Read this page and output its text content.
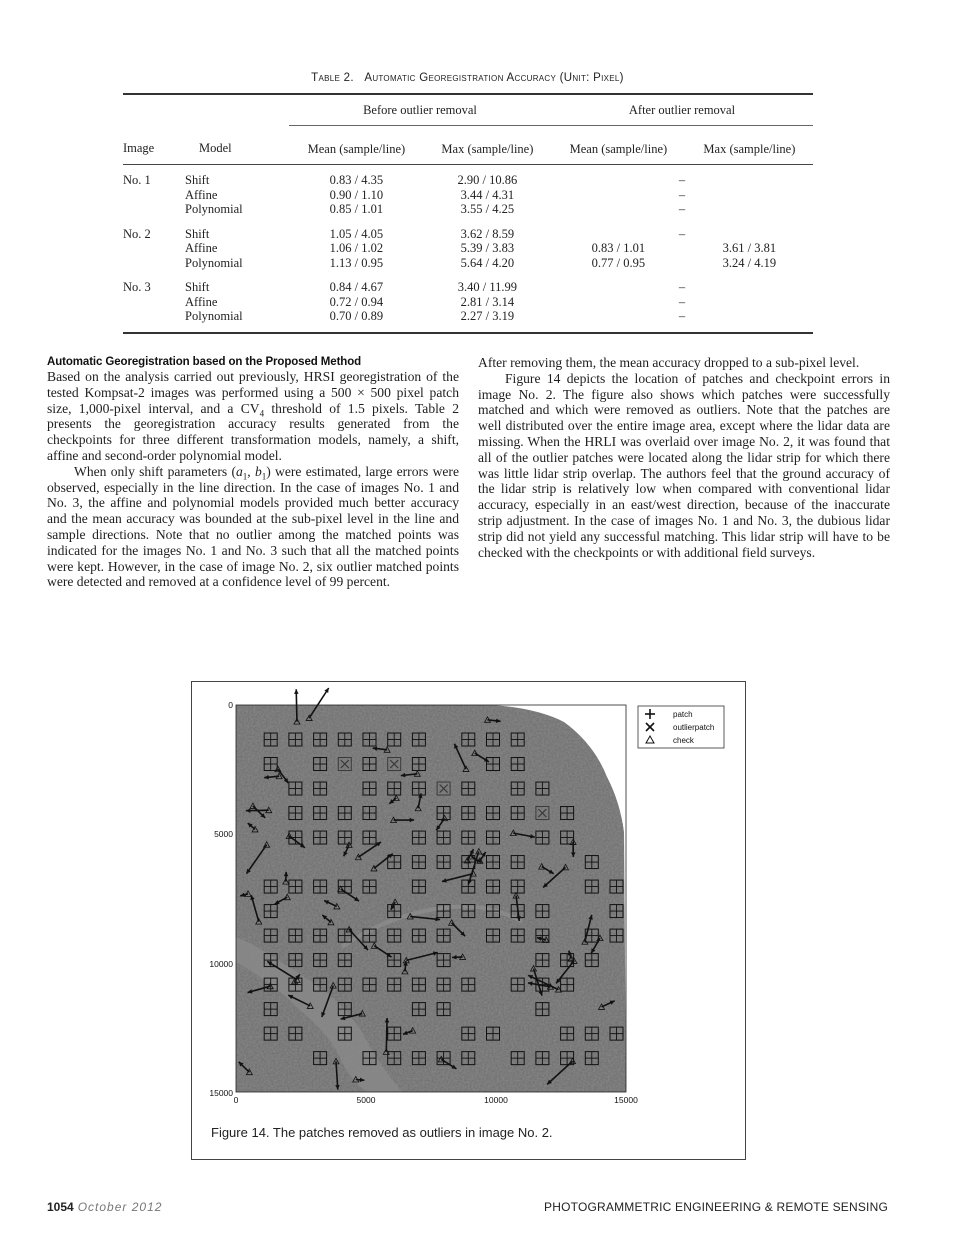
Table 2. Automatic Georegistration Accuracy (Unit: Pixel)
		Before outlier removal		After outlier removal	
Image	Model	Mean (sample/line)	Max (sample/line)	Mean (sample/line)	Max (sample/line)
No. 1	Shift	0.83 / 4.35	2.90 / 10.86	–	
	Affine	0.90 / 1.10	3.44 / 4.31	–	
	Polynomial	0.85 / 1.01	3.55 / 4.25	–	
No. 2	Shift	1.05 / 4.05	3.62 / 8.59	–	
	Affine	1.06 / 1.02	5.39 / 3.83	0.83 / 1.01	3.61 / 3.81
	Polynomial	1.13 / 0.95	5.64 / 4.20	0.77 / 0.95	3.24 / 4.19
No. 3	Shift	0.84 / 4.67	3.40 / 11.99	–	
	Affine	0.72 / 0.94	2.81 / 3.14	–	
	Polynomial	0.70 / 0.89	2.27 / 3.19	–	
Automatic Georegistration based on the Proposed Method

Based on the analysis carried out previously, HRSI georegistration of the tested Kompsat-2 images was performed using a 500 × 500 pixel patch size, 1,000-pixel interval, and a $CV_4$ threshold of 1.5 pixels. Table 2 presents the georegistration accuracy results generated from the checkpoints for three different transformation models, namely, a shift, affine and second-order polynomial model.

When only shift parameters ($a_1$, $b_1$) were estimated, large errors were observed, especially in the line direction. In the case of images No. 1 and No. 3, the affine and polynomial models provided much better accuracy and the mean accuracy was bounded at the sub-pixel level in the line and sample directions. Note that no outlier among the matched points was indicated for the images No. 1 and No. 3 such that all the matched points were kept. However, in the case of image No. 2, six outlier matched points were detected and removed at a confidence level of 99 percent.

After removing them, the mean accuracy dropped to a sub-pixel level.

Figure 14 depicts the location of patches and checkpoint errors in image No. 2. The figure also shows which patches were successfully matched and which were removed as outliers. Note that the patches are well distributed over the entire image area, except where the lidar data are missing. When the HRLI was overlaid over image No. 2, it was found that all of the outlier patches were located along the lidar strip for which there was little lidar strip overlap. The authors feel that the ground accuracy of the lidar strip is relatively low when compared with conventional lidar accuracy, especially in an east/west direction, because of the inaccurate strip adjustment. In the case of images No. 1 and No. 3, the dubious lidar strip did not yield any successful matching. This lidar strip will have to be checked with the checkpoints or with additional field surveys.

0	5000	10000	15000
0
5000
10000
15000
patch
outlierpatch
check
Figure 14. The patches removed as outliers in image No. 2.
1054 October 2012	PHOTOGRAMMETRIC ENGINEERING & REMOTE SENSING
